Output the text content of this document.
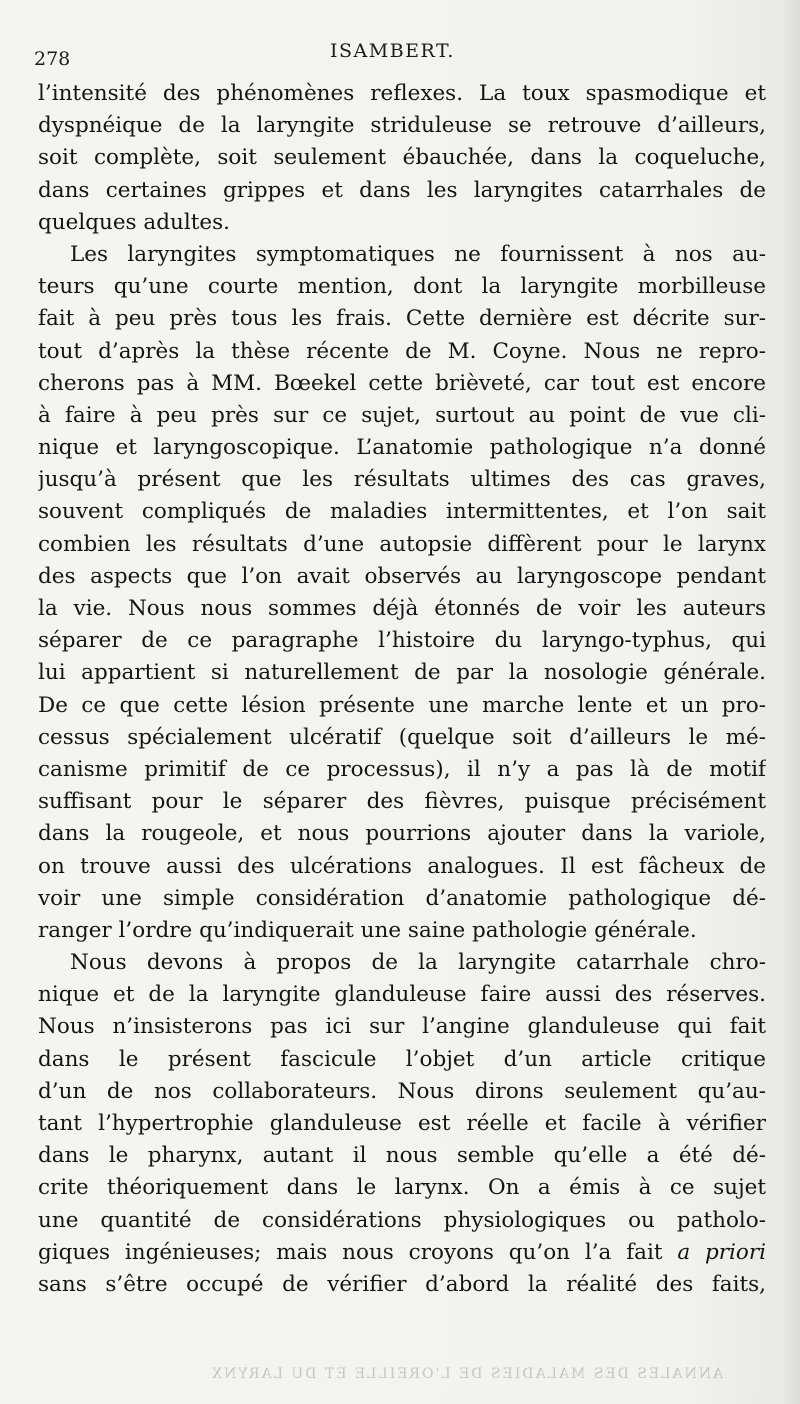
278	ISAMBERT.
l’intensité des phénomènes reflexes. La toux spasmodique et
dyspnéique de la laryngite striduleuse se retrouve d’ailleurs,
soit complète, soit seulement ébauchée, dans la coqueluche,
dans certaines grippes et dans les laryngites catarrhales de
quelques adultes.
Les laryngites symptomatiques ne fournissent à nos au-
teurs qu’une courte mention, dont la laryngite morbilleuse
fait à peu près tous les frais. Cette dernière est décrite sur-
tout d’après la thèse récente de M. Coyne. Nous ne repro-
cherons pas à MM. Bœekel cette brièveté, car tout est encore
à faire à peu près sur ce sujet, surtout au point de vue cli-
nique et laryngoscopique. L’anatomie pathologique n’a donné
jusqu’à présent que les résultats ultimes des cas graves,
souvent compliqués de maladies intermittentes, et l’on sait
combien les résultats d’une autopsie diffèrent pour le larynx
des aspects que l’on avait observés au laryngoscope pendant
la vie. Nous nous sommes déjà étonnés de voir les auteurs
séparer de ce paragraphe l’histoire du laryngo-typhus, qui
lui appartient si naturellement de par la nosologie générale.
De ce que cette lésion présente une marche lente et un pro-
cessus spécialement ulcératif (quelque soit d’ailleurs le mé-
canisme primitif de ce processus), il n’y a pas là de motif
suffisant pour le séparer des fièvres, puisque précisément
dans la rougeole, et nous pourrions ajouter dans la variole,
on trouve aussi des ulcérations analogues. Il est fâcheux de
voir une simple considération d’anatomie pathologique dé-
ranger l’ordre qu’indiquerait une saine pathologie générale.
Nous devons à propos de la laryngite catarrhale chro-
nique et de la laryngite glanduleuse faire aussi des réserves.
Nous n’insisterons pas ici sur l’angine glanduleuse qui fait
dans le présent fascicule l’objet d’un article critique
d’un de nos collaborateurs. Nous dirons seulement qu’au-
tant l’hypertrophie glanduleuse est réelle et facile à vérifier
dans le pharynx, autant il nous semble qu’elle a été dé-
crite théoriquement dans le larynx. On a émis à ce sujet
une quantité de considérations physiologiques ou patholo-
giques ingénieuses; mais nous croyons qu’on l’a fait a priori
sans s’être occupé de vérifier d’abord la réalité des faits,
ANNALES DES MALADIES DE L'OREILLE ET DU LARYNX
